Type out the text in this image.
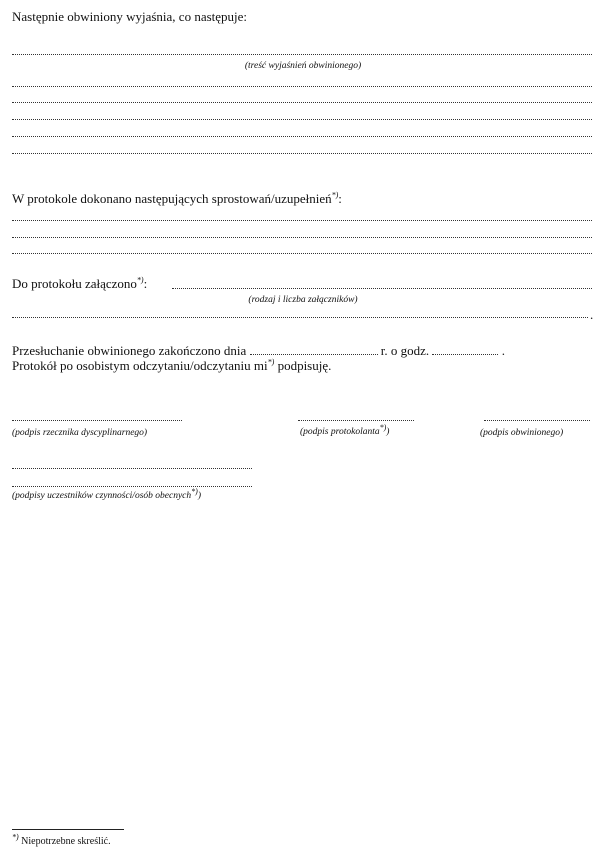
Następnie obwiniony wyjaśnia, co następuje:
(treść wyjaśnień obwinionego)
W protokole dokonano następujących sprostowań/uzupełnień*):
Do protokołu załączono*):
(rodzaj i liczba załączników)
.
Przesłuchanie obwinionego zakończono dnia	r. o godz.	.
Protokół po osobistym odczytaniu/odczytaniu mi*) podpisuję.
(podpis rzecznika dyscyplinarnego)	(podpis protokolanta*))	(podpis obwinionego)
(podpisy uczestników czynności/osób obecnych*))
*) Niepotrzebne skreślić.
